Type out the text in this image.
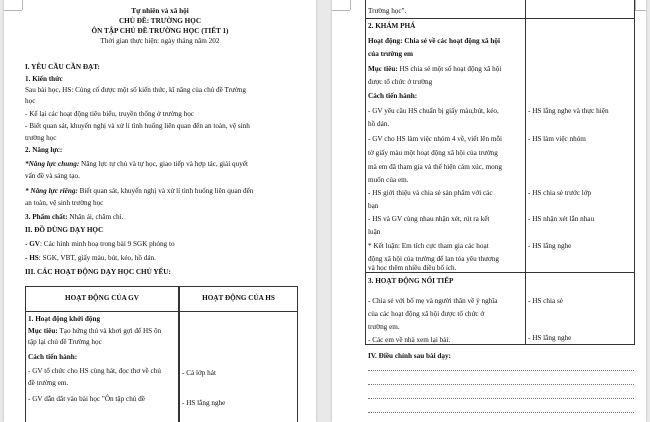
Tự nhiên và xã hội
CHỦ ĐỀ: TRƯỜNG HỌC
ÔN TẬP CHỦ ĐỀ TRƯỜNG HỌC (TIẾT 1)
Thời gian thực hiện: ngày tháng năm 202
I. YÊU CẦU CẦN ĐẠT:
1. Kiến thức
Sau bài học, HS: Củng cố được một số kiến thức, kĩ năng của chủ đề Trường
học
- Kể lại các hoạt động tiêu biểu, truyền thống ở trường học
- Biết quan sát, khuyến nghị và xử lí tình huống liên quan đến an toàn, vệ sinh
trường học
2. Năng lực:
*Năng lực chung: Năng lực tự chủ và tự học, giao tiếp và hợp tác, giải quyết
vấn đề và sáng tạo.
* Năng lực riêng: Biết quan sát, khuyến nghị và xử lí tình huống liên quan đến
an toàn, vệ sinh trường học
3. Phẩm chất: Nhân ái, chăm chỉ.
II. ĐỒ DÙNG DẠY HỌC
- GV: Các hình minh hoạ trong bài 9 SGK phóng to
- HS: SGK, VBT, giấy màu, bút, kéo, hồ dán.
III. CÁC HOẠT ĐỘNG DẠY HỌC CHỦ YẾU:
HOẠT ĐỘNG CỦA GV	HOẠT ĐỘNG CỦA HS
1. Hoạt động khởi động
Mục tiêu: Tạo hứng thú và khơi gợi để HS ôn
tập lại chủ đề Trường học
Cách tiến hành:
- GV tổ chức cho HS cùng hát, đọc thơ về chủ
đề trường em.
- GV dẫn dắt vào bài học "Ôn tập chủ đề
- Cả lớp hát
- HS lắng nghe
Trường học".
2. KHÁM PHÁ
Hoạt động: Chia sẻ về các hoạt động xã hội
của trường em
Mục tiêu: HS chia sẻ một số hoạt động xã hội
được tổ chức ở trường
Cách tiến hành:
- GV yêu cầu HS chuẩn bị giấy màu,bút, kéo,
hồ dán.
- GV cho HS làm việc nhóm 4 về, viết lên mỗi
tờ giấy màu một hoạt động xã hội của trường
mà em đã tham gia và thể hiện cảm xúc, mong
muốn của em.
- HS giới thiệu và chia sẻ sản phẩm với các
bạn
- HS và GV cùng nhau nhận xét, rút ra kết
luận
* Kết luận: Em tích cực tham gia các hoạt
động xã hội của trường để lan tỏa yêu thương
và học thêm nhiều điều bổ ích.
- HS lắng nghe và thực hiện
- HS làm việc nhóm
- HS chia sẻ trước lớp
- HS nhận xét lẫn nhau
- HS lắng nghe
3. HOẠT ĐỘNG NỐI TIẾP
- Chia sẻ với bố mẹ và người thân về ý nghĩa
của các hoạt động xã hội được tổ chức ở
trường em.
- Các em về nhà xem lại bài.
- HS chia sẻ
- HS lắng nghe
IV. Điều chỉnh sau bài dạy:
